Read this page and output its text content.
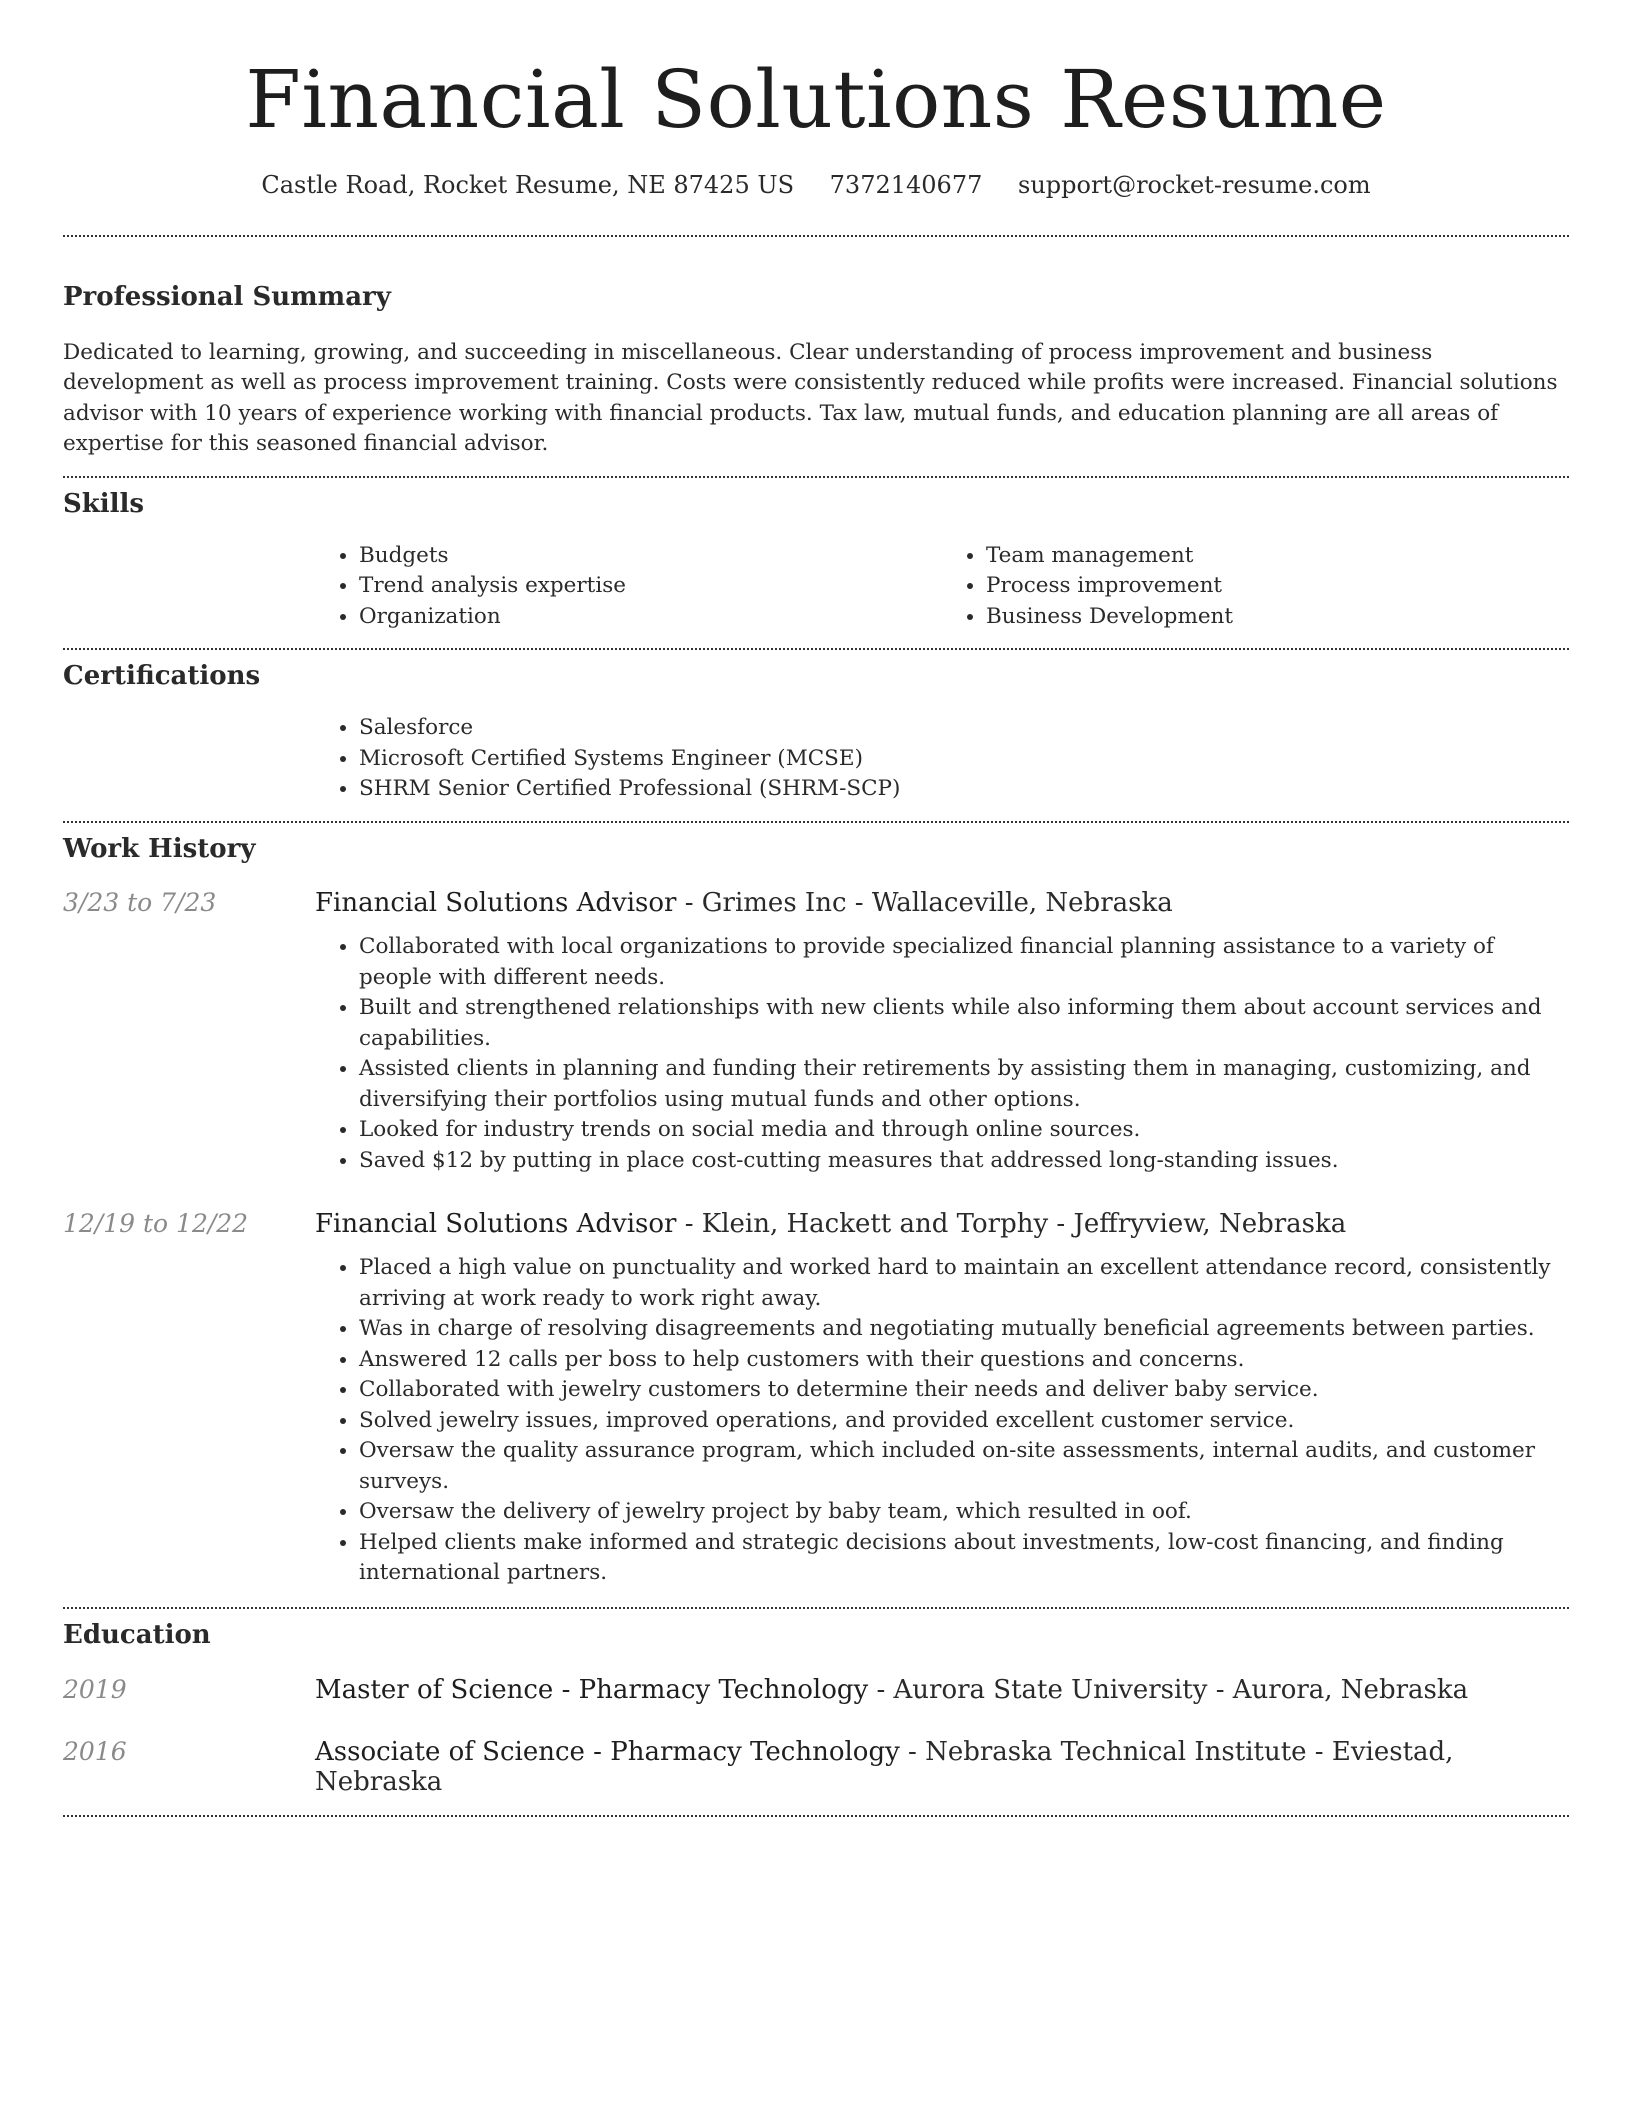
Financial Solutions Resume
Castle Road, Rocket Resume, NE 87425 US 7372140677 support@rocket-resume.com
Professional Summary

Dedicated to learning, growing, and succeeding in miscellaneous. Clear understanding of process improvement and business development as well as process improvement training. Costs were consistently reduced while profits were increased. Financial solutions advisor with 10 years of experience working with financial products. Tax law, mutual funds, and education planning are all areas of expertise for this seasoned financial advisor.

Skills
• Budgets
• Trend analysis expertise
• Organization
• Team management
• Process improvement
• Business Development
Certifications
• Salesforce
• Microsoft Certified Systems Engineer (MCSE)
• SHRM Senior Certified Professional (SHRM-SCP)
Work History
3/23 to 7/23	Financial Solutions Advisor - Grimes Inc - Wallaceville, Nebraska
• Collaborated with local organizations to provide specialized financial planning assistance to a variety of people with different needs.
• Built and strengthened relationships with new clients while also informing them about account services and capabilities.
• Assisted clients in planning and funding their retirements by assisting them in managing, customizing, and diversifying their portfolios using mutual funds and other options.
• Looked for industry trends on social media and through online sources.
• Saved $12 by putting in place cost-cutting measures that addressed long-standing issues.
12/19 to 12/22	Financial Solutions Advisor - Klein, Hackett and Torphy - Jeffryview, Nebraska
• Placed a high value on punctuality and worked hard to maintain an excellent attendance record, consistently arriving at work ready to work right away.
• Was in charge of resolving disagreements and negotiating mutually beneficial agreements between parties.
• Answered 12 calls per boss to help customers with their questions and concerns.
• Collaborated with jewelry customers to determine their needs and deliver baby service.
• Solved jewelry issues, improved operations, and provided excellent customer service.
• Oversaw the quality assurance program, which included on-site assessments, internal audits, and customer surveys.
• Oversaw the delivery of jewelry project by baby team, which resulted in oof.
• Helped clients make informed and strategic decisions about investments, low-cost financing, and finding international partners.
Education
2019	Master of Science - Pharmacy Technology - Aurora State University - Aurora, Nebraska
2016	Associate of Science - Pharmacy Technology - Nebraska Technical Institute - Eviestad, Nebraska
